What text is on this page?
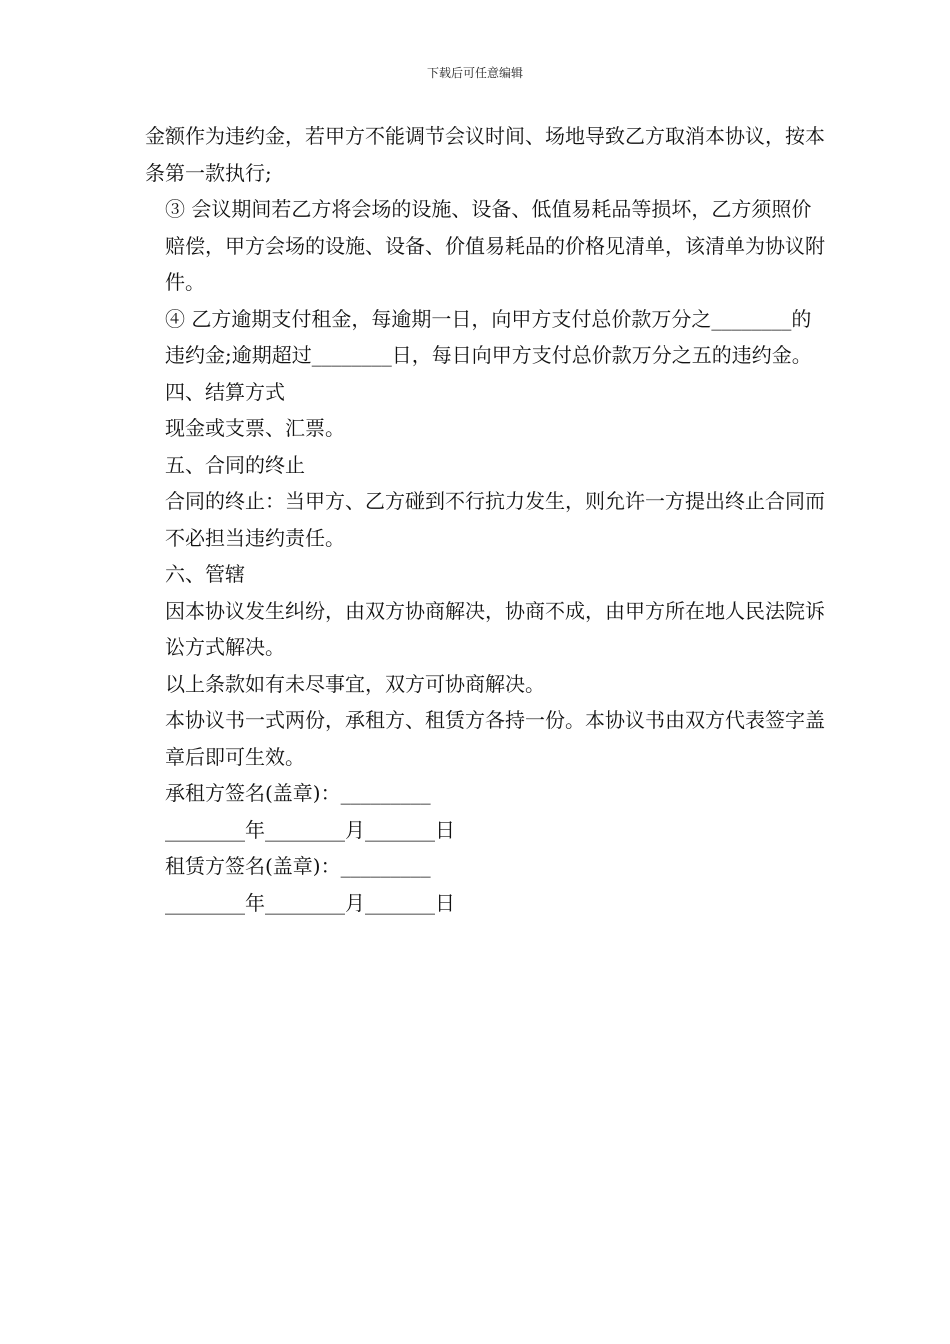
下载后可任意编辑

金额作为违约金，若甲方不能调节会议时间、场地导致乙方取消本协议，按本条第一款执行;

③ 会议期间若乙方将会场的设施、设备、低值易耗品等损坏，乙方须照价赔偿，甲方会场的设施、设备、价值易耗品的价格见清单，该清单为协议附件。

④ 乙方逾期支付租金，每逾期一日，向甲方支付总价款万分之________的违约金;逾期超过________日，每日向甲方支付总价款万分之五的违约金。

四、结算方式

现金或支票、汇票。

五、合同的终止

合同的终止：当甲方、乙方碰到不行抗力发生，则允许一方提出终止合同而不必担当违约责任。

六、管辖

因本协议发生纠纷，由双方协商解决，协商不成，由甲方所在地人民法院诉讼方式解决。

以上条款如有未尽事宜，双方可协商解决。

本协议书一式两份，承租方、租赁方各持一份。本协议书由双方代表签字盖章后即可生效。

承租方签名(盖章)：_________

________年________月_______日

租赁方签名(盖章)：_________

________年________月_______日
